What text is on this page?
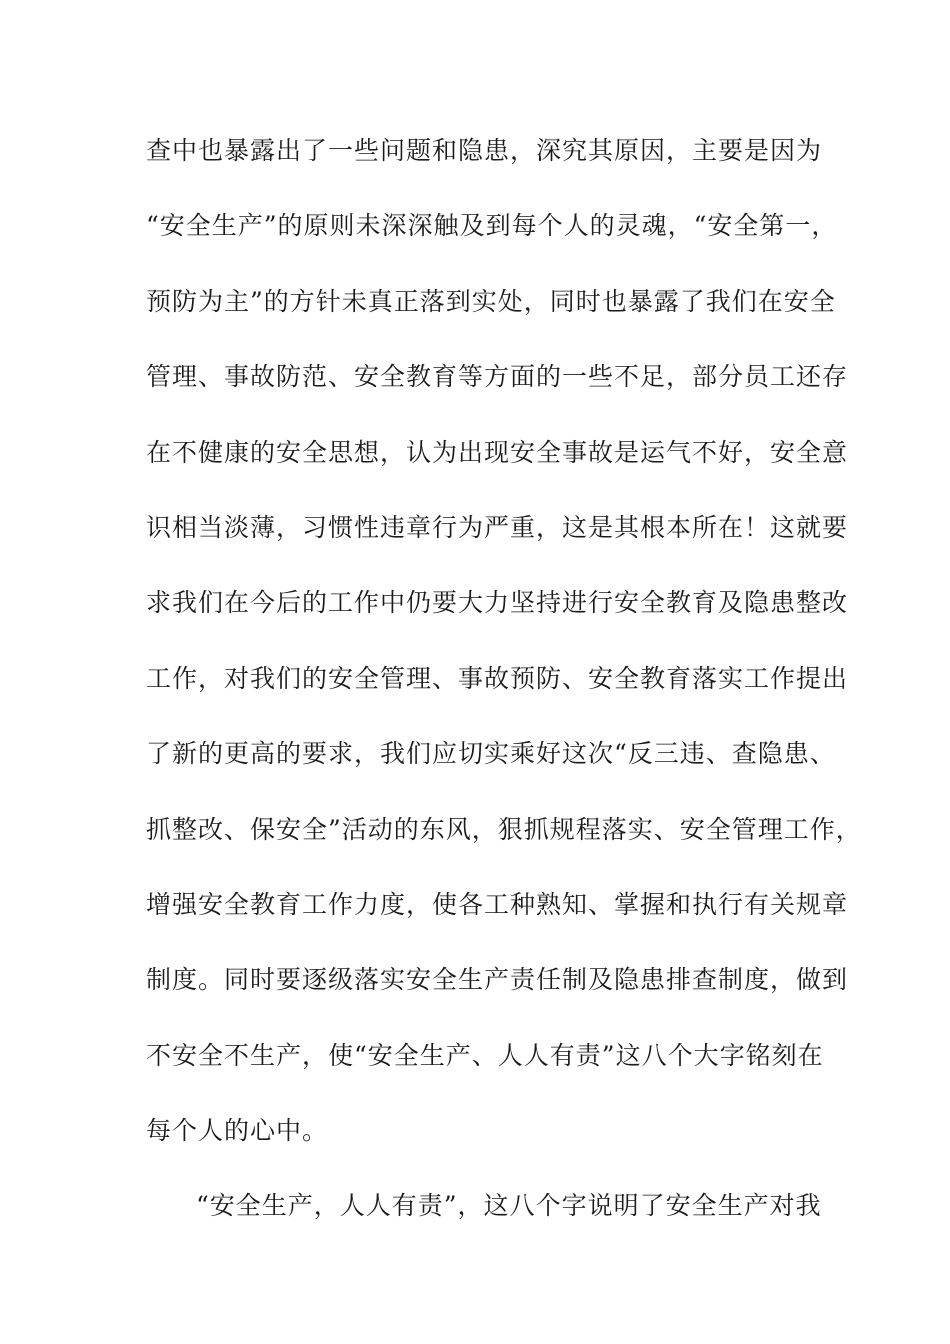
查中也暴露出了一些问题和隐患，深究其原因，主要是因为
“安全生产”的原则未深深触及到每个人的灵魂，“安全第一，
预防为主”的方针未真正落到实处，同时也暴露了我们在安全
管理、事故防范、安全教育等方面的一些不足，部分员工还存
在不健康的安全思想，认为出现安全事故是运气不好，安全意
识相当淡薄，习惯性违章行为严重，这是其根本所在！这就要
求我们在今后的工作中仍要大力坚持进行安全教育及隐患整改
工作，对我们的安全管理、事故预防、安全教育落实工作提出
了新的更高的要求，我们应切实乘好这次“反三违、查隐患、
抓整改、保安全”活动的东风，狠抓规程落实、安全管理工作，
增强安全教育工作力度，使各工种熟知、掌握和执行有关规章
制度。同时要逐级落实安全生产责任制及隐患排查制度，做到
不安全不生产，使“安全生产、人人有责”这八个大字铭刻在
每个人的心中。
“安全生产，人人有责”，这八个字说明了安全生产对我
